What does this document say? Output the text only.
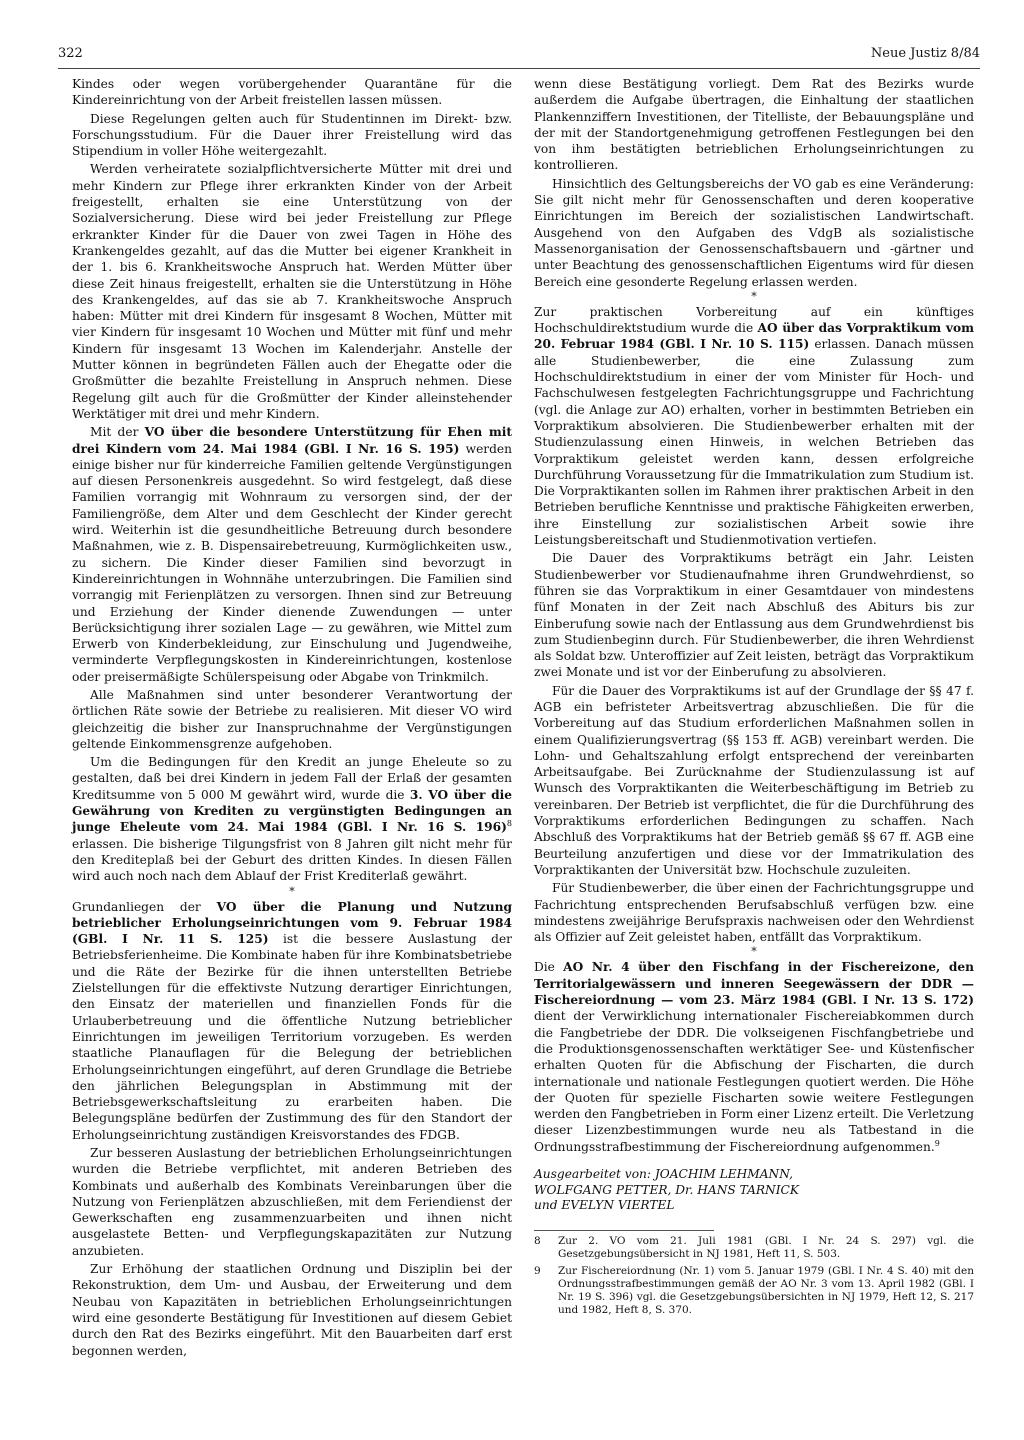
322	Neue Justiz 8/84

Kindes oder wegen vorübergehender Quarantäne für die Kindereinrichtung von der Arbeit freistellen lassen müssen.

Diese Regelungen gelten auch für Studentinnen im Direkt- bzw. Forschungsstudium. Für die Dauer ihrer Freistellung wird das Stipendium in voller Höhe weitergezahlt.

Werden verheiratete sozialpflichtversicherte Mütter mit drei und mehr Kindern zur Pflege ihrer erkrankten Kinder von der Arbeit freigestellt, erhalten sie eine Unterstützung von der Sozialversicherung. Diese wird bei jeder Freistellung zur Pflege erkrankter Kinder für die Dauer von zwei Tagen in Höhe des Krankengeldes gezahlt, auf das die Mutter bei eigener Krankheit in der 1. bis 6. Krankheitswoche Anspruch hat. Werden Mütter über diese Zeit hinaus freigestellt, erhalten sie die Unterstützung in Höhe des Krankengeldes, auf das sie ab 7. Krankheitswoche Anspruch haben: Mütter mit drei Kindern für insgesamt 8 Wochen, Mütter mit vier Kindern für insgesamt 10 Wochen und Mütter mit fünf und mehr Kindern für insgesamt 13 Wochen im Kalenderjahr. Anstelle der Mutter können in begründeten Fällen auch der Ehegatte oder die Großmütter die bezahlte Freistellung in Anspruch nehmen. Diese Regelung gilt auch für die Großmütter der Kinder alleinstehender Werktätiger mit drei und mehr Kindern.

Mit der VO über die besondere Unterstützung für Ehen mit drei Kindern vom 24. Mai 1984 (GBl. I Nr. 16 S. 195) werden einige bisher nur für kinderreiche Familien geltende Vergünstigungen auf diesen Personenkreis ausgedehnt. So wird festgelegt, daß diese Familien vorrangig mit Wohnraum zu versorgen sind, der der Familiengröße, dem Alter und dem Geschlecht der Kinder gerecht wird. Weiterhin ist die gesundheitliche Betreuung durch besondere Maßnahmen, wie z. B. Dispensairebetreuung, Kurmöglichkeiten usw., zu sichern. Die Kinder dieser Familien sind bevorzugt in Kindereinrichtungen in Wohnnähe unterzubringen. Die Familien sind vorrangig mit Ferienplätzen zu versorgen. Ihnen sind zur Betreuung und Erziehung der Kinder dienende Zuwendungen — unter Berücksichtigung ihrer sozialen Lage — zu gewähren, wie Mittel zum Erwerb von Kinderbekleidung, zur Einschulung und Jugendweihe, verminderte Verpflegungskosten in Kindereinrichtungen, kostenlose oder preisermäßigte Schülerspeisung oder Abgabe von Trinkmilch.

Alle Maßnahmen sind unter besonderer Verantwortung der örtlichen Räte sowie der Betriebe zu realisieren. Mit dieser VO wird gleichzeitig die bisher zur Inanspruchnahme der Vergünstigungen geltende Einkommensgrenze aufgehoben.

Um die Bedingungen für den Kredit an junge Eheleute so zu gestalten, daß bei drei Kindern in jedem Fall der Erlaß der gesamten Kreditsumme von 5 000 M gewährt wird, wurde die 3. VO über die Gewährung von Krediten zu vergünstigten Bedingungen an junge Eheleute vom 24. Mai 1984 (GBl. I Nr. 16 S. 196)$^8$ erlassen. Die bisherige Tilgungsfrist von 8 Jahren gilt nicht mehr für den Kreditерlaß bei der Geburt des dritten Kindes. In diesen Fällen wird auch noch nach dem Ablauf der Frist Krediterlaß gewährt.

*

Grundanliegen der VO über die Planung und Nutzung betrieblicher Erholungseinrichtungen vom 9. Februar 1984 (GBl. I Nr. 11 S. 125) ist die bessere Auslastung der Betriebsferienheime. Die Kombinate haben für ihre Kombinatsbetriebe und die Räte der Bezirke für die ihnen unterstellten Betriebe Zielstellungen für die effektivste Nutzung derartiger Einrichtungen, den Einsatz der materiellen und finanziellen Fonds für die Urlauberbetreuung und die öffentliche Nutzung betrieblicher Einrichtungen im jeweiligen Territorium vorzugeben. Es werden staatliche Planauflagen für die Belegung der betrieblichen Erholungseinrichtungen eingeführt, auf deren Grundlage die Betriebe den jährlichen Belegungsplan in Abstimmung mit der Betriebsgewerkschaftsleitung zu erarbeiten haben. Die Belegungspläne bedürfen der Zustimmung des für den Standort der Erholungseinrichtung zuständigen Kreisvorstandes des FDGB.

Zur besseren Auslastung der betrieblichen Erholungseinrichtungen wurden die Betriebe verpflichtet, mit anderen Betrieben des Kombinats und außerhalb des Kombinats Vereinbarungen über die Nutzung von Ferienplätzen abzuschließen, mit dem Feriendienst der Gewerkschaften eng zusammenzuarbeiten und ihnen nicht ausgelastete Betten- und Verpflegungskapazitäten zur Nutzung anzubieten.

Zur Erhöhung der staatlichen Ordnung und Disziplin bei der Rekonstruktion, dem Um- und Ausbau, der Erweiterung und dem Neubau von Kapazitäten in betrieblichen Erholungseinrichtungen wird eine gesonderte Bestätigung für Investitionen auf diesem Gebiet durch den Rat des Bezirks eingeführt. Mit den Bauarbeiten darf erst begonnen werden,

wenn diese Bestätigung vorliegt. Dem Rat des Bezirks wurde außerdem die Aufgabe übertragen, die Einhaltung der staatlichen Plankennziffern Investitionen, der Titelliste, der Bebauungspläne und der mit der Standortgenehmigung getroffenen Festlegungen bei den von ihm bestätigten betrieblichen Erholungseinrichtungen zu kontrollieren.

Hinsichtlich des Geltungsbereichs der VO gab es eine Veränderung: Sie gilt nicht mehr für Genossenschaften und deren kooperative Einrichtungen im Bereich der sozialistischen Landwirtschaft. Ausgehend von den Aufgaben des VdgB als sozialistische Massenorganisation der Genossenschaftsbauern und -gärtner und unter Beachtung des genossenschaftlichen Eigentums wird für diesen Bereich eine gesonderte Regelung erlassen werden.

*

Zur praktischen Vorbereitung auf ein künftiges Hochschuldirektstudium wurde die AO über das Vorpraktikum vom 20. Februar 1984 (GBl. I Nr. 10 S. 115) erlassen. Danach müssen alle Studienbewerber, die eine Zulassung zum Hochschuldirektstudium in einer der vom Minister für Hoch- und Fachschulwesen festgelegten Fachrichtungsgruppe und Fachrichtung (vgl. die Anlage zur AO) erhalten, vorher in bestimmten Betrieben ein Vorpraktikum absolvieren. Die Studienbewerber erhalten mit der Studienzulassung einen Hinweis, in welchen Betrieben das Vorpraktikum geleistet werden kann, dessen erfolgreiche Durchführung Voraussetzung für die Immatrikulation zum Studium ist. Die Vorpraktikanten sollen im Rahmen ihrer praktischen Arbeit in den Betrieben berufliche Kenntnisse und praktische Fähigkeiten erwerben, ihre Einstellung zur sozialistischen Arbeit sowie ihre Leistungsbereitschaft und Studienmotivation vertiefen.

Die Dauer des Vorpraktikums beträgt ein Jahr. Leisten Studienbewerber vor Studienaufnahme ihren Grundwehrdienst, so führen sie das Vorpraktikum in einer Gesamtdauer von mindestens fünf Monaten in der Zeit nach Abschluß des Abiturs bis zur Einberufung sowie nach der Entlassung aus dem Grundwehrdienst bis zum Studienbeginn durch. Für Studienbewerber, die ihren Wehrdienst als Soldat bzw. Unteroffizier auf Zeit leisten, beträgt das Vorpraktikum zwei Monate und ist vor der Einberufung zu absolvieren.

Für die Dauer des Vorpraktikums ist auf der Grundlage der §§ 47 f. AGB ein befristeter Arbeitsvertrag abzuschließen. Die für die Vorbereitung auf das Studium erforderlichen Maßnahmen sollen in einem Qualifizierungsvertrag (§§ 153 ff. AGB) vereinbart werden. Die Lohn- und Gehaltszahlung erfolgt entsprechend der vereinbarten Arbeitsaufgabe. Bei Zurücknahme der Studienzulassung ist auf Wunsch des Vorpraktikanten die Weiterbeschäftigung im Betrieb zu vereinbaren. Der Betrieb ist verpflichtet, die für die Durchführung des Vorpraktikums erforderlichen Bedingungen zu schaffen. Nach Abschluß des Vorpraktikums hat der Betrieb gemäß §§ 67 ff. AGB eine Beurteilung anzufertigen und diese vor der Immatrikulation des Vorpraktikanten der Universität bzw. Hochschule zuzuleiten.

Für Studienbewerber, die über einen der Fachrichtungsgruppe und Fachrichtung entsprechenden Berufsabschluß verfügen bzw. eine mindestens zweijährige Berufspraxis nachweisen oder den Wehrdienst als Offizier auf Zeit geleistet haben, entfällt das Vorpraktikum.

*

Die AO Nr. 4 über den Fischfang in der Fischereizone, den Territorialgewässern und inneren Seegewässern der DDR — Fischereiordnung — vom 23. März 1984 (GBl. I Nr. 13 S. 172) dient der Verwirklichung internationaler Fischereiabkommen durch die Fangbetriebe der DDR. Die volkseigenen Fischfangbetriebe und die Produktionsgenossenschaften werktätiger See- und Küstenfischer erhalten Quoten für die Abfischung der Fischarten, die durch internationale und nationale Festlegungen quotiert werden. Die Höhe der Quoten für spezielle Fischarten sowie weitere Festlegungen werden den Fangbetrieben in Form einer Lizenz erteilt. Die Verletzung dieser Lizenzbestimmungen wurde neu als Tatbestand in die Ordnungsstrafbestimmung der Fischereiordnung aufgenommen.$^9$

Ausgearbeitet von: JOACHIM LEHMANN,
WOLFGANG PETTER, Dr. HANS TARNICK
und EVELYN VIERTEL
8	Zur 2. VO vom 21. Juli 1981 (GBl. I Nr. 24 S. 297) vgl. die Gesetzgebungsübersicht in NJ 1981, Heft 11, S. 503.
9	Zur Fischereiordnung (Nr. 1) vom 5. Januar 1979 (GBl. I Nr. 4 S. 40) mit den Ordnungsstrafbestimmungen gemäß der AO Nr. 3 vom 13. April 1982 (GBl. I Nr. 19 S. 396) vgl. die Gesetzgebungsübersichten in NJ 1979, Heft 12, S. 217 und 1982, Heft 8, S. 370.
